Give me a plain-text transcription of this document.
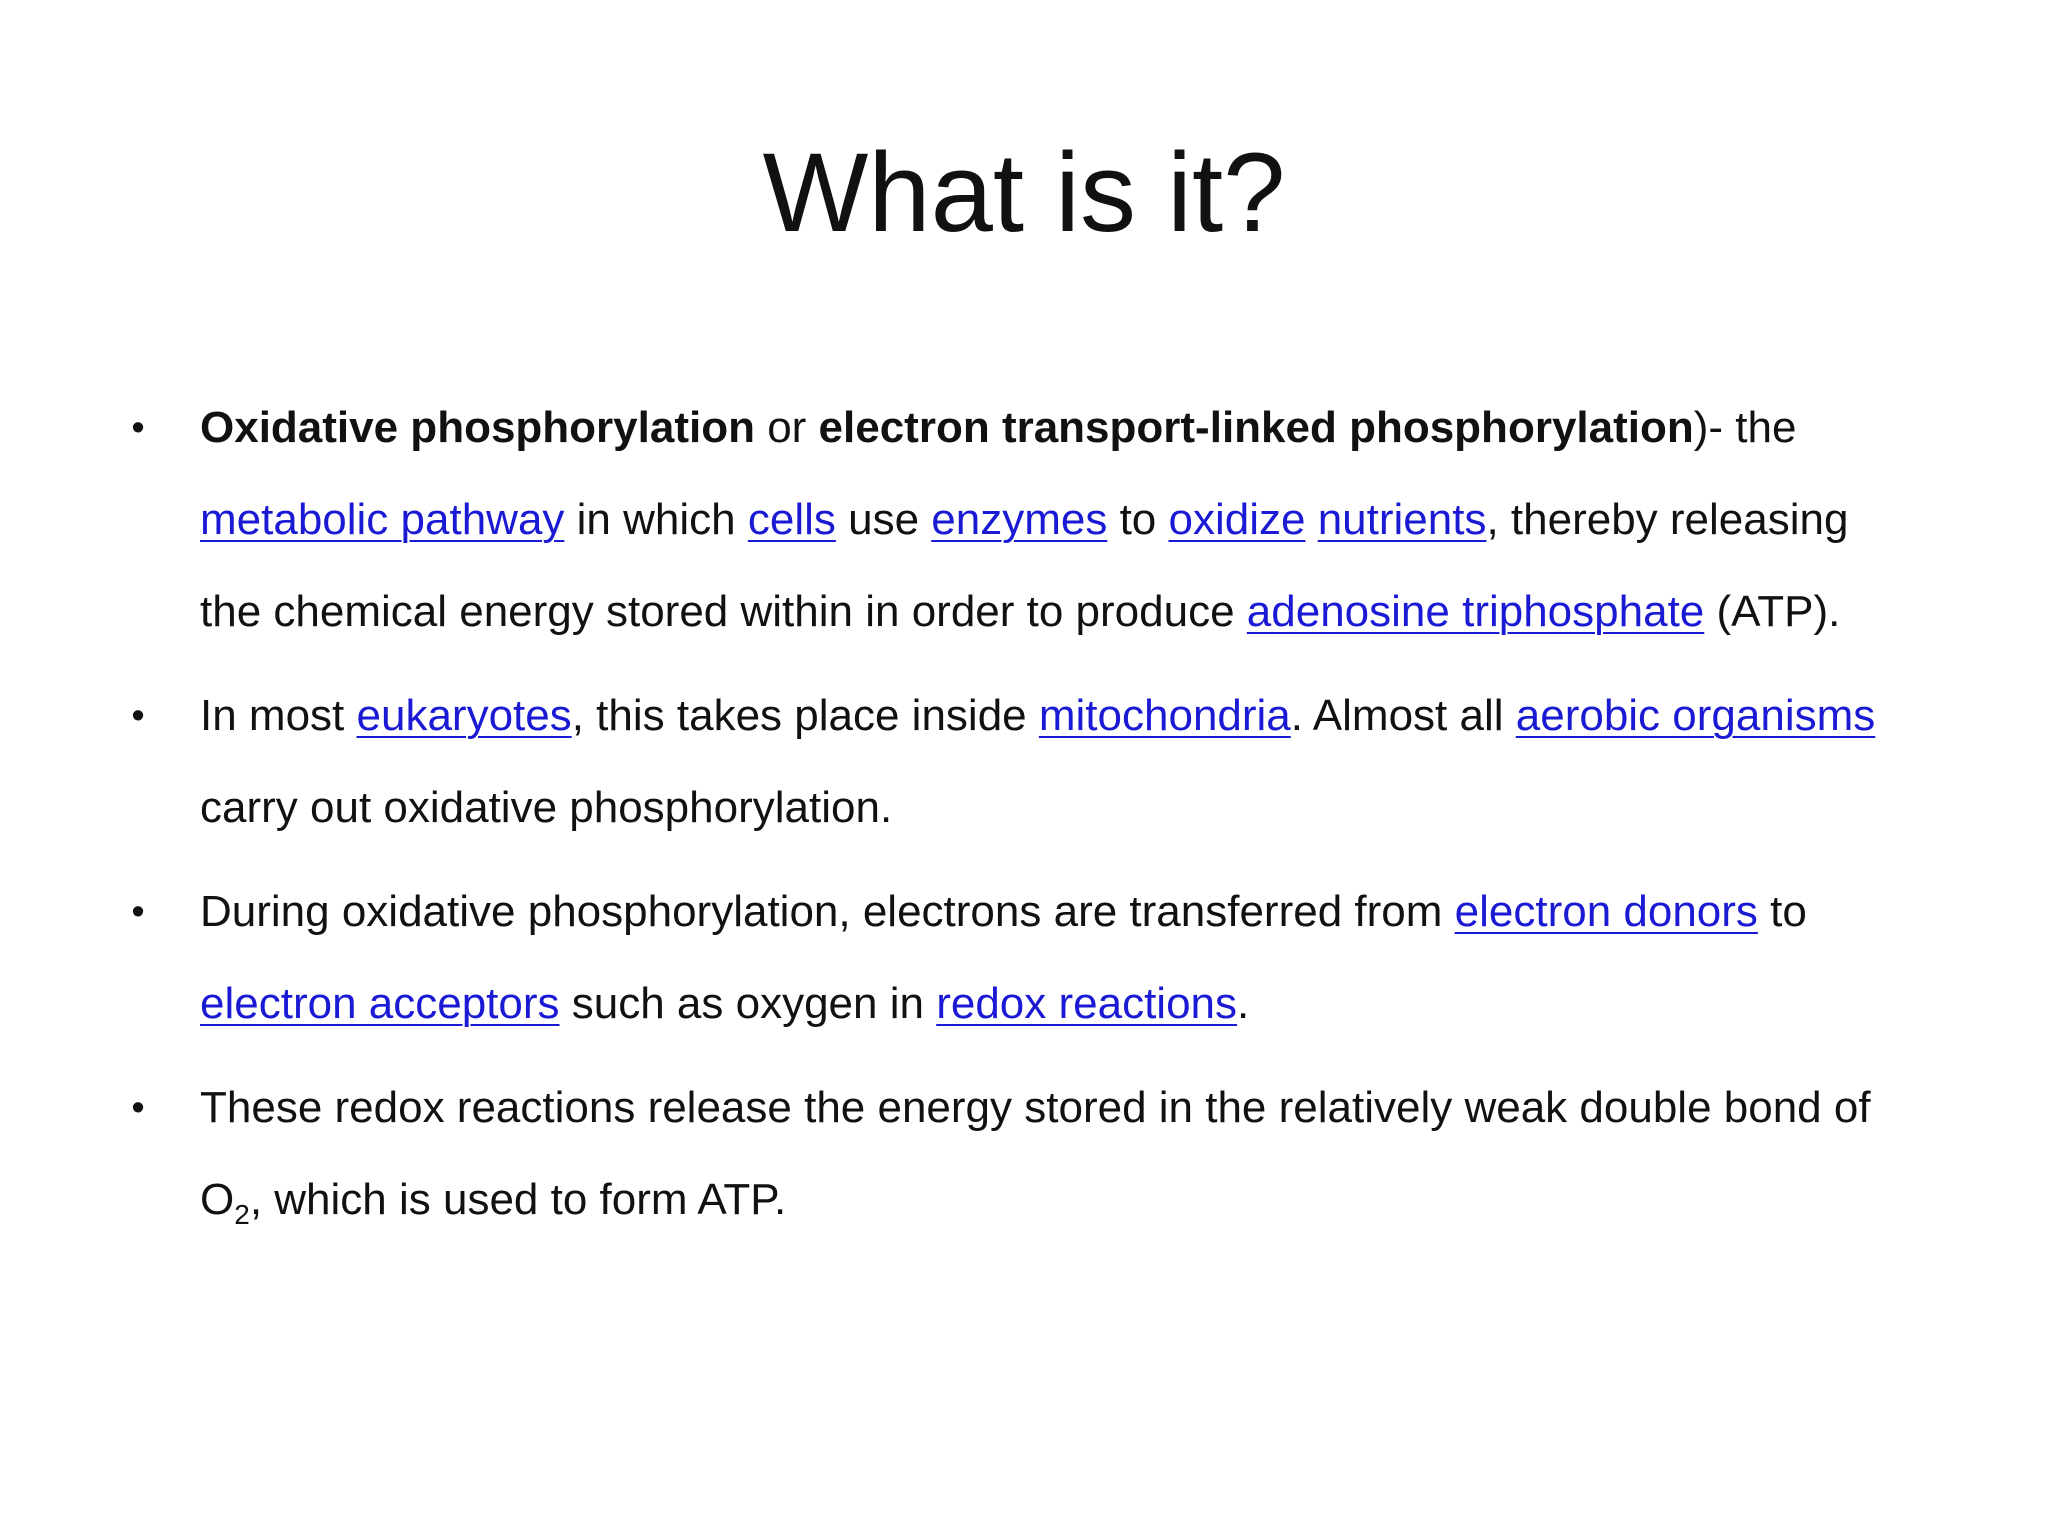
What is it?

•	Oxidative phosphorylation or electron transport-linked phosphorylation)- the metabolic pathway in which cells use enzymes to oxidize nutrients, thereby releasing the chemical energy stored within in order to produce adenosine triphosphate (ATP).

•	In most eukaryotes, this takes place inside mitochondria. Almost all aerobic organisms carry out oxidative phosphorylation.

•	During oxidative phosphorylation, electrons are transferred from electron donors to electron acceptors such as oxygen in redox reactions.

•	These redox reactions release the energy stored in the relatively weak double bond of $O_2$, which is used to form ATP.
